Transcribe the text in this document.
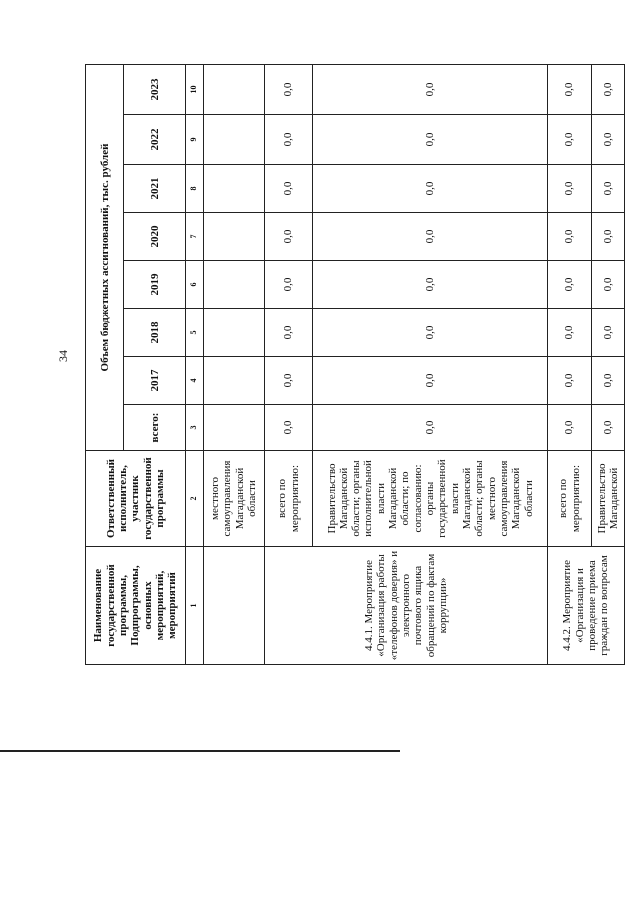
34
Наименование государственной программы, Подпрограммы, основных мероприятий, мероприятий	Ответственный исполнитель, участник государственной программы	Объем бюджетных ассигнований, тыс. рублей							
		всего:	2017	2018	2019	2020	2021	2022	2023
1	2	3	4	5	6	7	8	9	10
	местного самоуправления Магаданской области								
4.4.1. Мероприятие «Организация работы «телефонов доверия» и электронного почтового ящика обращений по фактам коррупции»	всего по мероприятию:	0,0	0,0	0,0	0,0	0,0	0,0	0,0	0,0
	Правительство Магаданской области; органы исполнительной власти Магаданской области; по согласованию: органы государственной власти Магаданской области; органы местного самоуправления Магаданской области	0,0	0,0	0,0	0,0	0,0	0,0	0,0	0,0
4.4.2. Мероприятие «Организация и проведение приема граждан по вопросам	всего по мероприятию:	0,0	0,0	0,0	0,0	0,0	0,0	0,0	0,0
	Правительство Магаданской	0,0	0,0	0,0	0,0	0,0	0,0	0,0	0,0
